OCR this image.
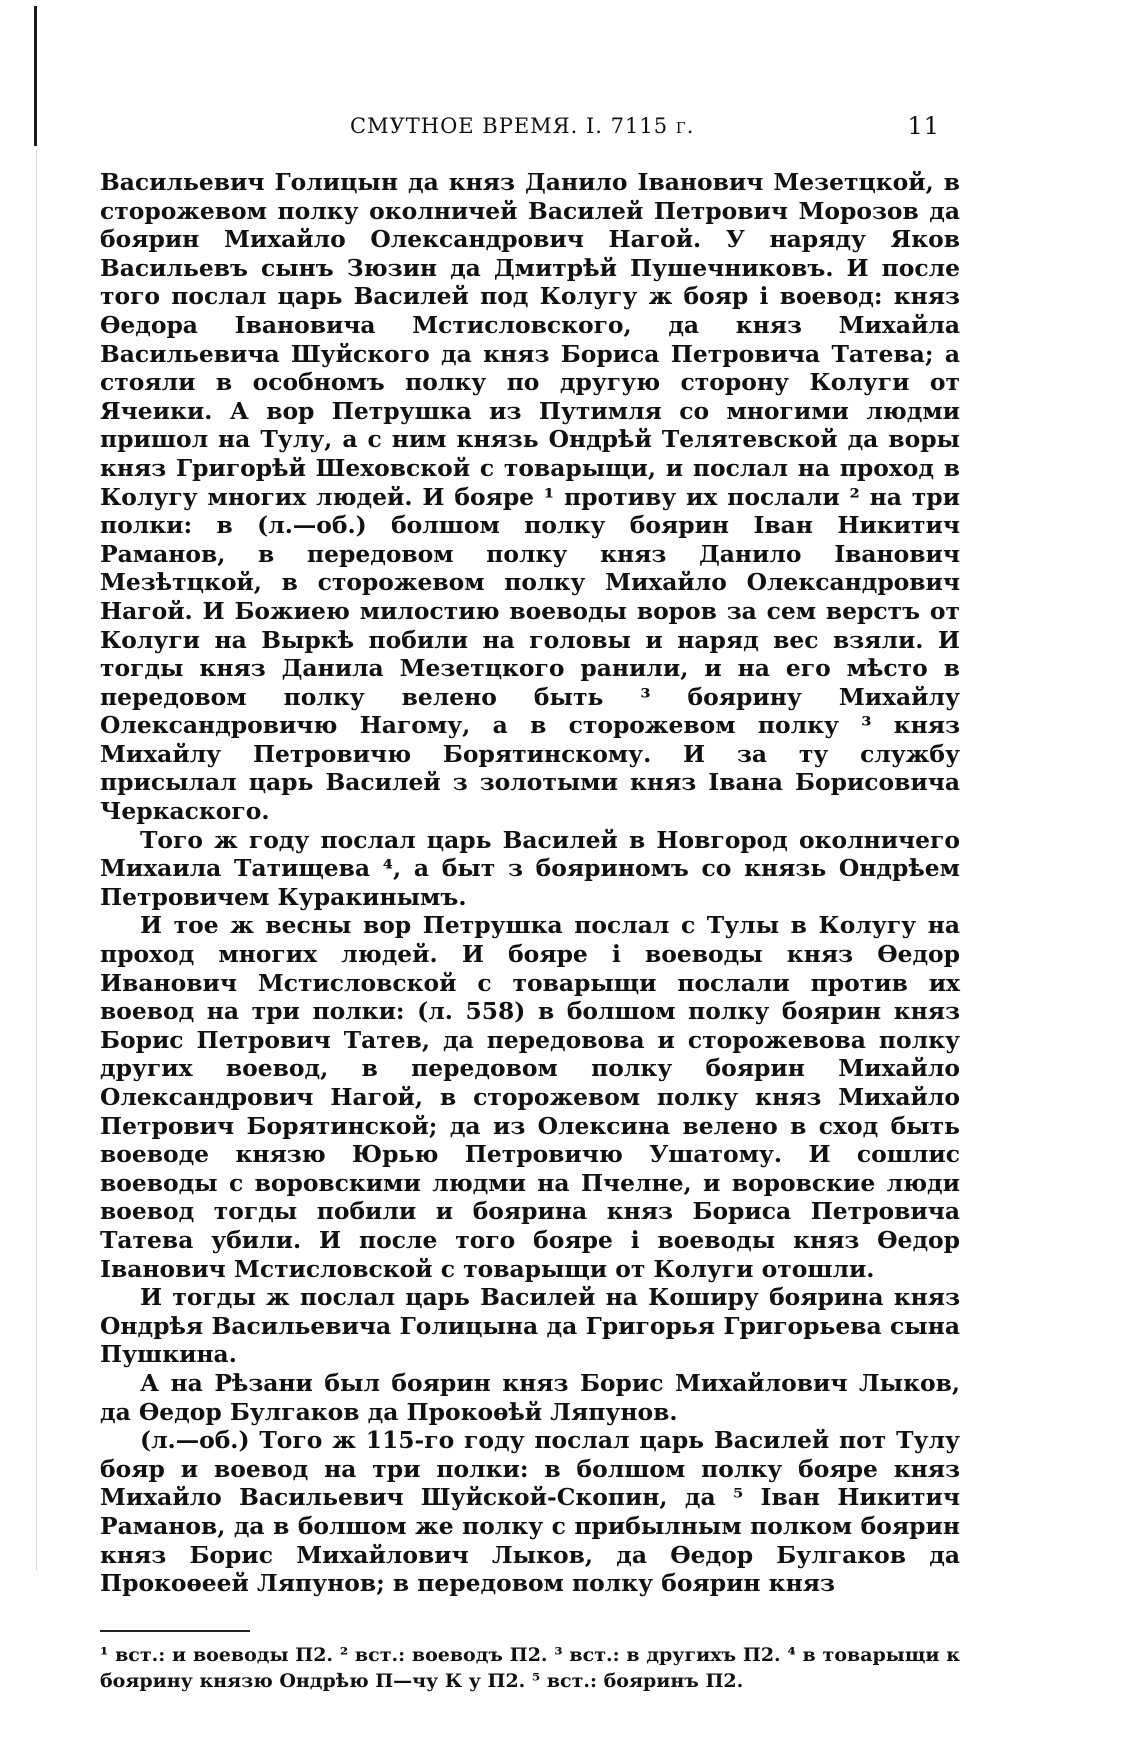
СМУТНОЕ ВРЕМЯ. I. 7115 г.	11

Васильевич Голицын да княз Данило Іванович Мезетцкой, в сторожевом полку околничей Василей Петрович Морозов да боярин Михайло Олександрович Нагой. У наряду Яков Васильевъ сынъ Зюзин да Дмитрѣй Пушечниковъ. И после того послал царь Василей под Колугу ж бояр і воевод: княз Ѳедора Івановича Мстисловского, да княз Михайла Васильевича Шуйского да княз Бориса Петровича Татева; а стояли в особномъ полку по другую сторону Колуги от Ячеики. А вор Петрушка из Путимля со многими людми пришол на Тулу, а с ним князь Ондрѣй Телятевской да воры княз Григорѣй Шеховской с товарыщи, и послал на проход в Колугу многих людей. И бояре ¹ противу их послали ² на три полки: в (л.—об.) болшом полку боярин Іван Никитич Раманов, в передовом полку княз Данило Іванович Мезѣтцкой, в сторожевом полку Михайло Олександрович Нагой. И Божиею милостию воеводы воров за сем верстъ от Колуги на Выркѣ побили на головы и наряд вес взяли. И тогды княз Данила Мезетцкого ранили, и на его мѣсто в передовом полку велено быть ³ боярину Михайлу Олександровичю Нагому, а в сторожевом полку ³ княз Михайлу Петровичю Борятинскому. И за ту службу присылал царь Василей з золотыми княз Івана Борисовича Черкаского.

Того ж году послал царь Василей в Новгород околничего Михаила Татищева ⁴, а быт з бояриномъ со князь Ондрѣем Петровичем Куракинымъ.

И тое ж весны вор Петрушка послал с Тулы в Колугу на проход многих людей. И бояре і воеводы княз Ѳедор Иванович Мстисловской с товарыщи послали против их воевод на три полки: (л. 558) в болшом полку боярин княз Борис Петрович Татев, да передовова и сторожевова полку других воевод, в передовом полку боярин Михайло Олександрович Нагой, в сторожевом полку княз Михайло Петрович Борятинской; да из Олексина велено в сход быть воеводе князю Юрью Петровичю Ушатому. И сошлис воеводы с воровскими людми на Пчелне, и воровские люди воевод тогды побили и боярина княз Бориса Петровича Татева убили. И после того бояре і воеводы княз Ѳедор Іванович Мстисловской с товарыщи от Колуги отошли.

И тогды ж послал царь Василей на Коширу боярина княз Ондрѣя Васильевича Голицына да Григорья Григорьева сына Пушкина.

А на Рѣзани был боярин княз Борис Михайлович Лыков, да Ѳедор Булгаков да Прокоѳѣй Ляпунов.

(л.—об.) Того ж 115-го году послал царь Василей пот Тулу бояр и воевод на три полки: в болшом полку бояре княз Михайло Васильевич Шуйской-Скопин, да ⁵ Іван Никитич Раманов, да в болшом же полку с прибылным полком боярин княз Борис Михайлович Лыков, да Ѳедор Булгаков да Прокоѳеей Ляпунов; в передовом полку боярин княз

¹ вст.: и воеводы П2. ² вст.: воеводъ П2. ³ вст.: в другихъ П2. ⁴ в товарыщи к боярину князю Ондрѣю П—чу К у П2. ⁵ вст.: бояринъ П2.
